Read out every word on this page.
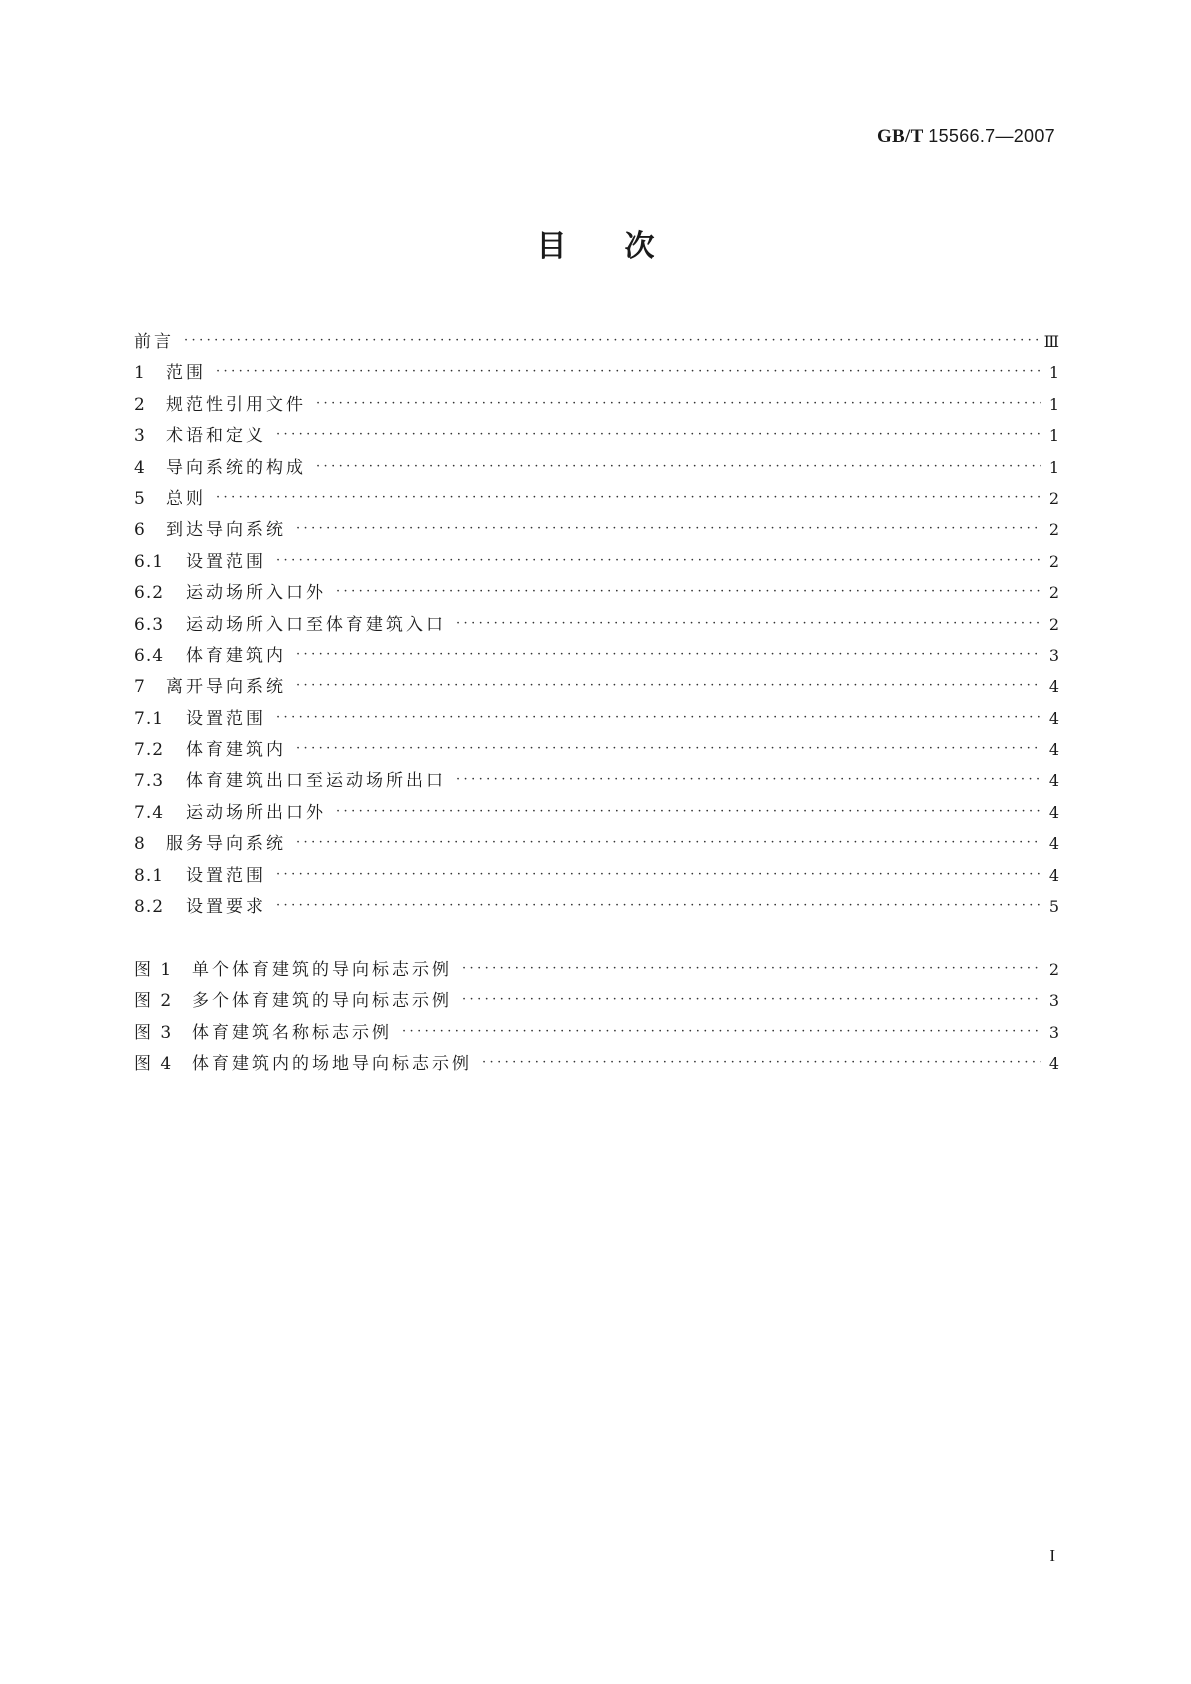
GB/T 15566.7—2007
目次
前言 ·····	Ⅲ
1	范围 ·····	1
2	规范性引用文件 ·····	1
3	术语和定义 ·····	1
4	导向系统的构成 ·····	1
5	总则 ·····	2
6	到达导向系统 ·····	2
6.1	设置范围 ·····	2
6.2	运动场所入口外 ·····	2
6.3	运动场所入口至体育建筑入口 ·····	2
6.4	体育建筑内 ·····	3
7	离开导向系统 ·····	4
7.1	设置范围 ·····	4
7.2	体育建筑内 ·····	4
7.3	体育建筑出口至运动场所出口 ·····	4
7.4	运动场所出口外 ·····	4
8	服务导向系统 ·····	4
8.1	设置范围 ·····	4
8.2	设置要求 ·····	5
图 1	单个体育建筑的导向标志示例 ·····	2
图 2	多个体育建筑的导向标志示例 ·····	3
图 3	体育建筑名称标志示例 ·····	3
图 4	体育建筑内的场地导向标志示例 ·····	4
I
